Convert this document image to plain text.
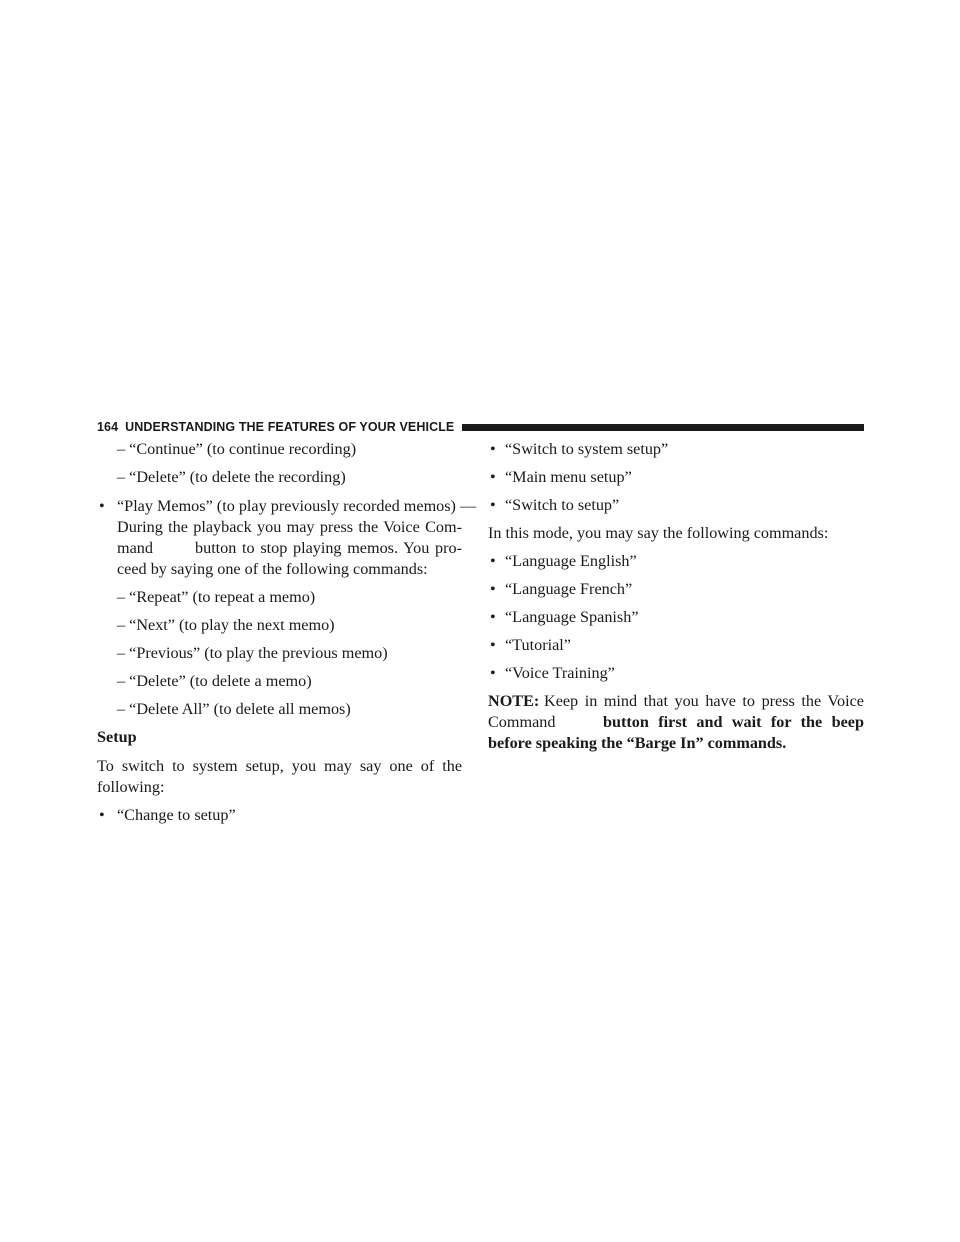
164 UNDERSTANDING THE FEATURES OF YOUR VEHICLE
– “Continue” (to continue recording)
– “Delete” (to delete the recording)
• “Play Memos” (to play previously recorded memos) —
During the playback you may press the Voice Com-
mand	button to stop playing memos. You pro-
ceed by saying one of the following commands:
– “Repeat” (to repeat a memo)
– “Next” (to play the next memo)
– “Previous” (to play the previous memo)
– “Delete” (to delete a memo)
– “Delete All” (to delete all memos)
Setup
To switch to system setup, you may say one of the
following:
• “Change to setup”
• “Switch to system setup”
• “Main menu setup”
• “Switch to setup”
In this mode, you may say the following commands:
• “Language English”
• “Language French”
• “Language Spanish”
• “Tutorial”
• “Voice Training”
NOTE: Keep in mind that you have to press the Voice
Command	button first and wait for the beep
before speaking the “Barge In” commands.
